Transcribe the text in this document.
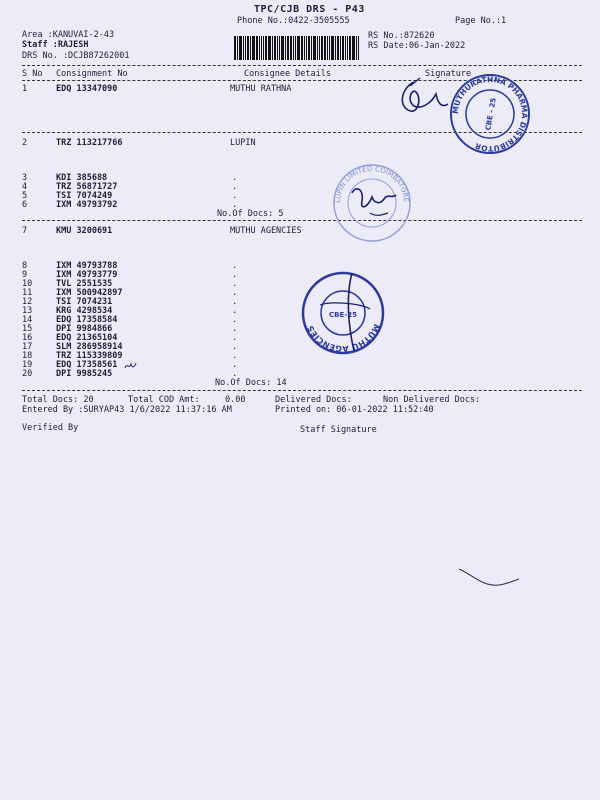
TPC/CJB DRS - P43
Phone No.:0422-3505555	Page No.:1
Area :KANUVAI-2-43
Staff :RAJESH
DRS No. :DCJB87262001
RS No.:872620
RS Date:06-Jan-2022
S No Consignment No	Consignee Details	Signature
1	EDQ 13347090	MUTHU RATHNA
2	TRZ 113217766	LUPIN
3	KDI 385688
4	TRZ 56871727
5	TSI 7074249
6	IXM 49793792
.
.
.
.
No.Of Docs: 5
7	KMU 3200691	MUTHU AGENCIES
8	IXM 49793788
9	IXM 49793779
10	TVL 2551535
11	IXM 500942897
12	TSI 7074231
13	KRG 4298534
14	EDQ 17358584
15	DPI 9984866
16	EDQ 21365104
17	SLM 286958914
18	TRZ 115339809
19	EDQ 17358561
20	DPI 9985245
.
.
.
.
.
.
.
.
.
.
.
.
.
No.Of Docs: 14
Total Docs: 20	Total COD Amt:	0.00	Delivered Docs:	Non Delivered Docs:
Entered By :SURYAP43 1/6/2022 11:37:16 AM	Printed on: 06-01-2022 11:52:40
Verified By	Staff Signature
MUTHURATHNA PHARMA DISTRIBUTOR
CBE - 25
LUPIN LIMITED COIMBATORE
MUTHU AGENCIES
CBE-25
